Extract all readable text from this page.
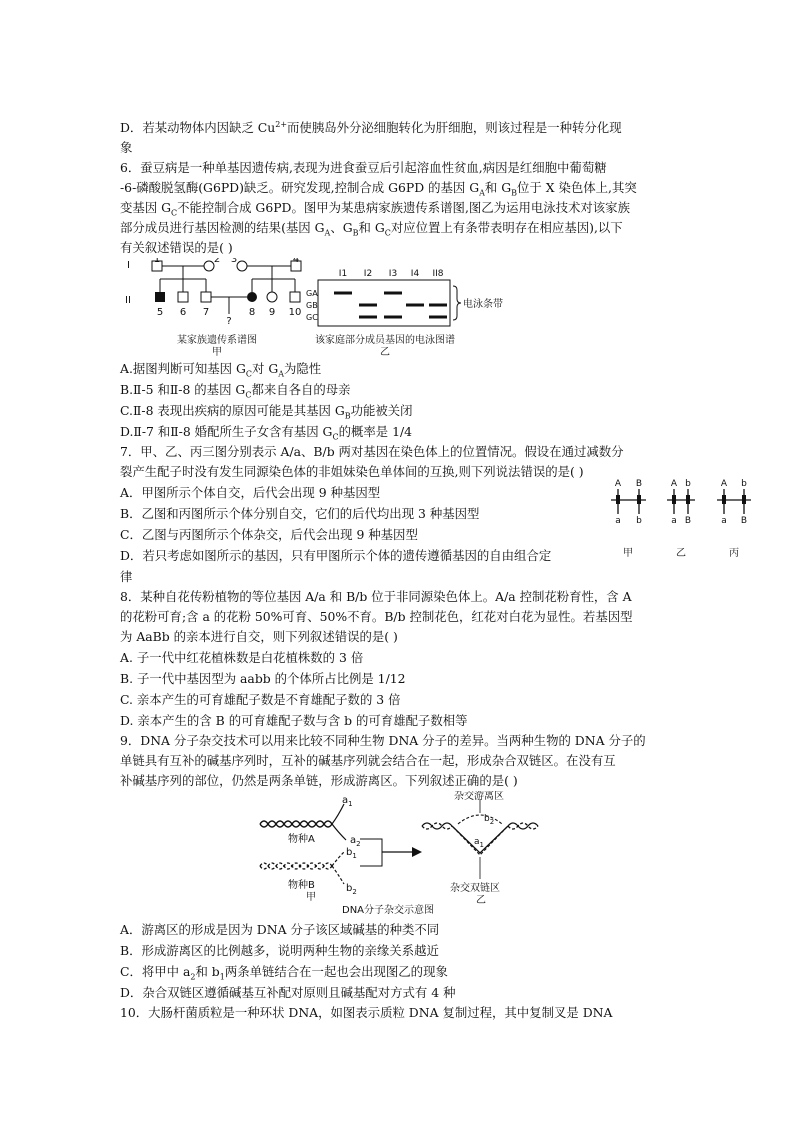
D．若某动物体内因缺乏 $Cu^{2+}$而使胰岛外分泌细胞转化为肝细胞，则该过程是一种转分化现
象
6．蚕豆病是一种单基因遗传病,表现为进食蚕豆后引起溶血性贫血,病因是红细胞中葡萄糖
-6-磷酸脱氢酶(G6PD)缺乏。研究发现,控制合成 G6PD 的基因 $G_A$和 $G_B$位于 X 染色体上,其突
变基因 $G_C$不能控制合成 G6PD。图甲为某患病家族遗传系谱图,图乙为运用电泳技术对该家族
部分成员进行基因检测的结果(基因 $G_A$、$G_B$和 $G_C$对应位置上有条带表明存在相应基因),以下
有关叙述错误的是( )
I
II
1	2 3	4
5 6 7	8 9 10
?
某家族遗传系谱图
甲
I1 I2 I3 I4 II8
GA
GB
GC
电泳条带
该家庭部分成员基因的电泳图谱
乙
A.据图判断可知基因 $G_C$对 $G_A$为隐性
B.Ⅱ-5 和Ⅱ-8 的基因 $G_C$都来自各自的母亲
C.Ⅱ-8 表现出疾病的原因可能是其基因 $G_B$功能被关闭
D.Ⅱ-7 和Ⅱ-8 婚配所生子女含有基因 $G_C$的概率是 1/4
7．甲、乙、丙三图分别表示 A/a、B/b 两对基因在染色体上的位置情况。假设在通过减数分
裂产生配子时没有发生同源染色体的非姐妹染色单体间的互换,则下列说法错误的是( )
A．甲图所示个体自交，后代会出现 9 种基因型
B．乙图和丙图所示个体分别自交，它们的后代均出现 3 种基因型
C．乙图与丙图所示个体杂交，后代会出现 9 种基因型
D．若只考虑如图所示的基因，只有甲图所示个体的遗传遵循基因的自由组合定
律
A B
a b
A
a
b
B
A b
a B
甲	乙	丙
8．某种自花传粉植物的等位基因 A/a 和 B/b 位于非同源染色体上。A/a 控制花粉育性，含 A
的花粉可育;含 a 的花粉 50%可育、50%不育。B/b 控制花色，红花对白花为显性。若基因型
为 AaBb 的亲本进行自交，则下列叙述错误的是( )
A. 子一代中红花植株数是白花植株数的 3 倍
B. 子一代中基因型为 aabb 的个体所占比例是 1/12
C. 亲本产生的可育雄配子数是不育雄配子数的 3 倍
D. 亲本产生的含 B 的可育雄配子数与含 b 的可育雄配子数相等
9．DNA 分子杂交技术可以用来比较不同种生物 DNA 分子的差异。当两种生物的 DNA 分子的
单链具有互补的碱基序列时，互补的碱基序列就会结合在一起，形成杂合双链区。在没有互
补碱基序列的部位，仍然是两条单链，形成游离区。下列叙述正确的是( )
$a_1$
$a_2$
$b_1$
$b_2$
物种A
物种B
甲
DNA分子杂交示意图
杂交游离区
$b_2$
$a_1$
杂交双链区
乙
A．游离区的形成是因为 DNA 分子该区域碱基的种类不同
B．形成游离区的比例越多，说明两种生物的亲缘关系越近
C．将甲中 $a_2$和 $b_1$两条单链结合在一起也会出现图乙的现象
D．杂合双链区遵循碱基互补配对原则且碱基配对方式有 4 种
10．大肠杆菌质粒是一种环状 DNA，如图表示质粒 DNA 复制过程，其中复制叉是 DNA
